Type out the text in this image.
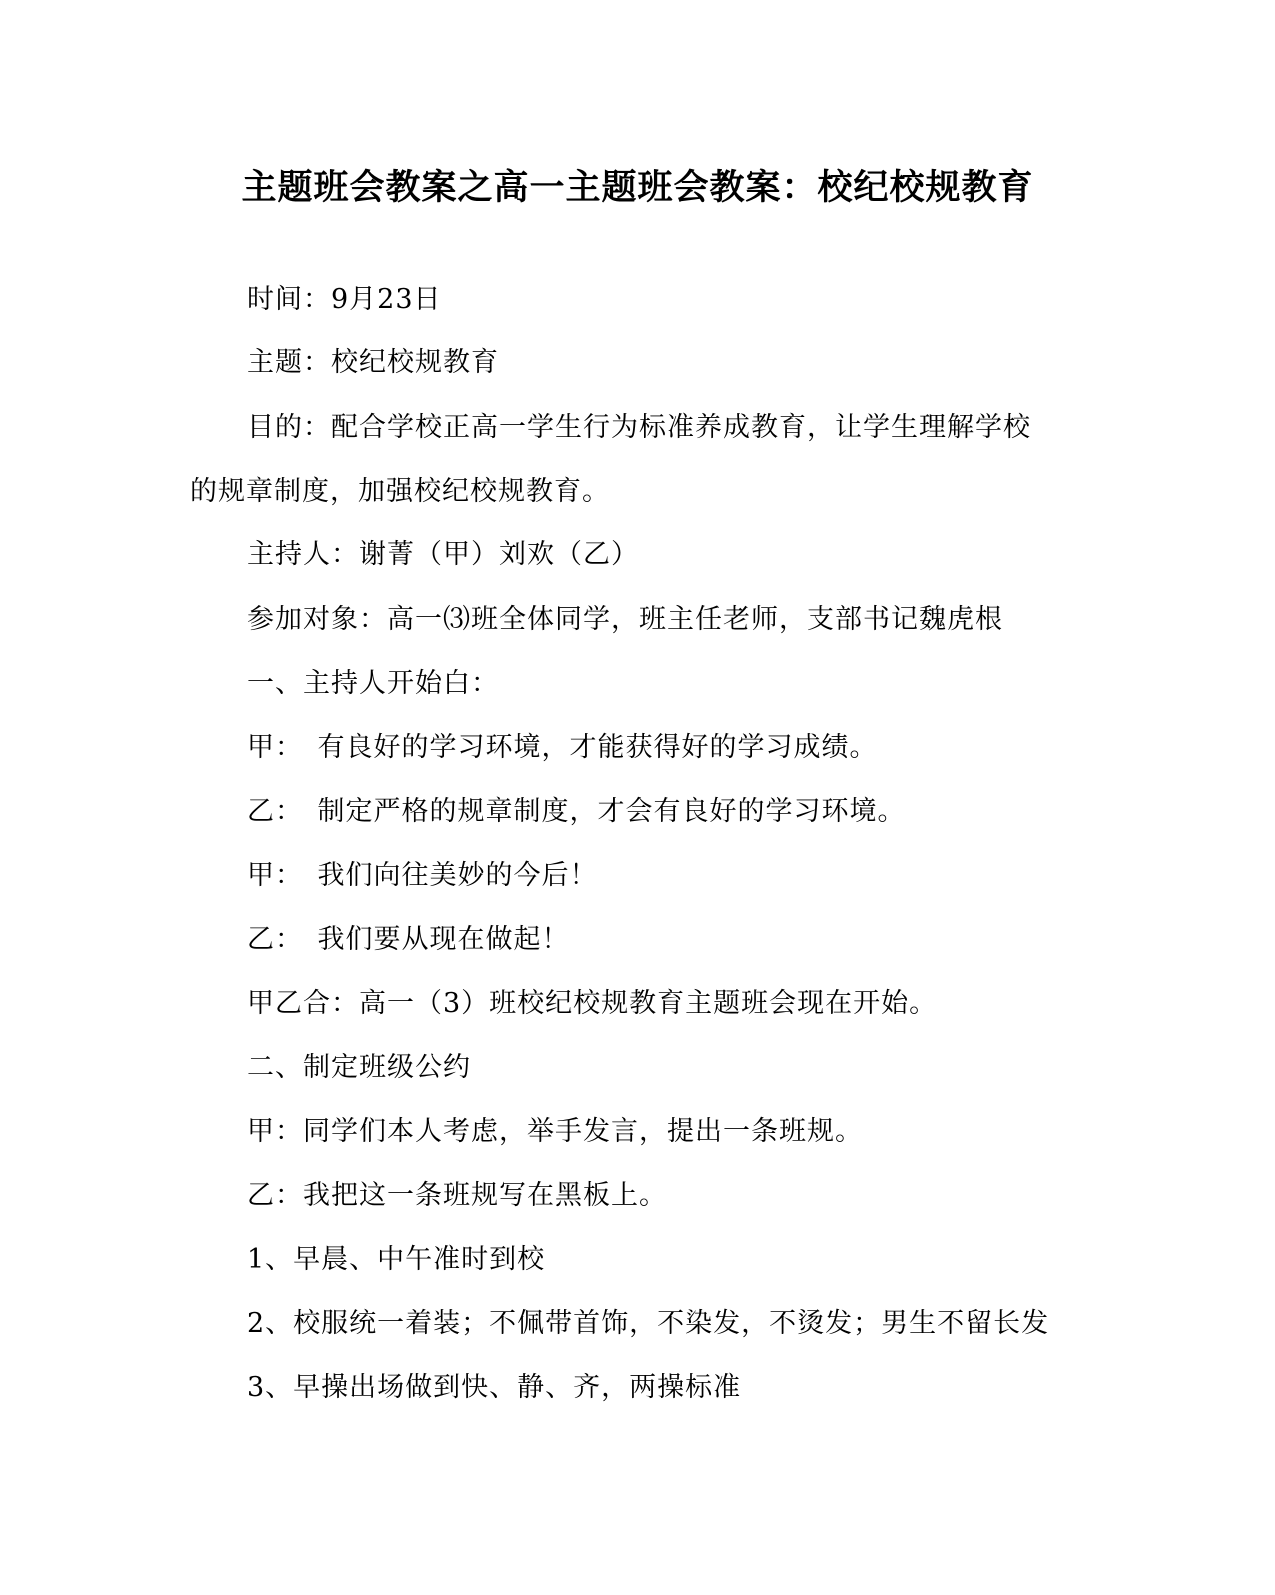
主题班会教案之高一主题班会教案：校纪校规教育
时间：9月23日
主题：校纪校规教育
目的：配合学校正高一学生行为标准养成教育，让学生理解学校
的规章制度，加强校纪校规教育。
主持人：谢菁（甲）刘欢（乙）
参加对象：高一⑶班全体同学，班主任老师，支部书记魏虎根
一、主持人开始白：
甲：　有良好的学习环境，才能获得好的学习成绩。
乙：　制定严格的规章制度，才会有良好的学习环境。
甲：　我们向往美妙的今后！
乙：　我们要从现在做起！
甲乙合：高一（3）班校纪校规教育主题班会现在开始。
二、制定班级公约
甲：同学们本人考虑，举手发言，提出一条班规。
乙：我把这一条班规写在黑板上。
1、早晨、中午准时到校
2、校服统一着装；不佩带首饰，不染发，不烫发；男生不留长发
3、早操出场做到快、静、齐，两操标准
